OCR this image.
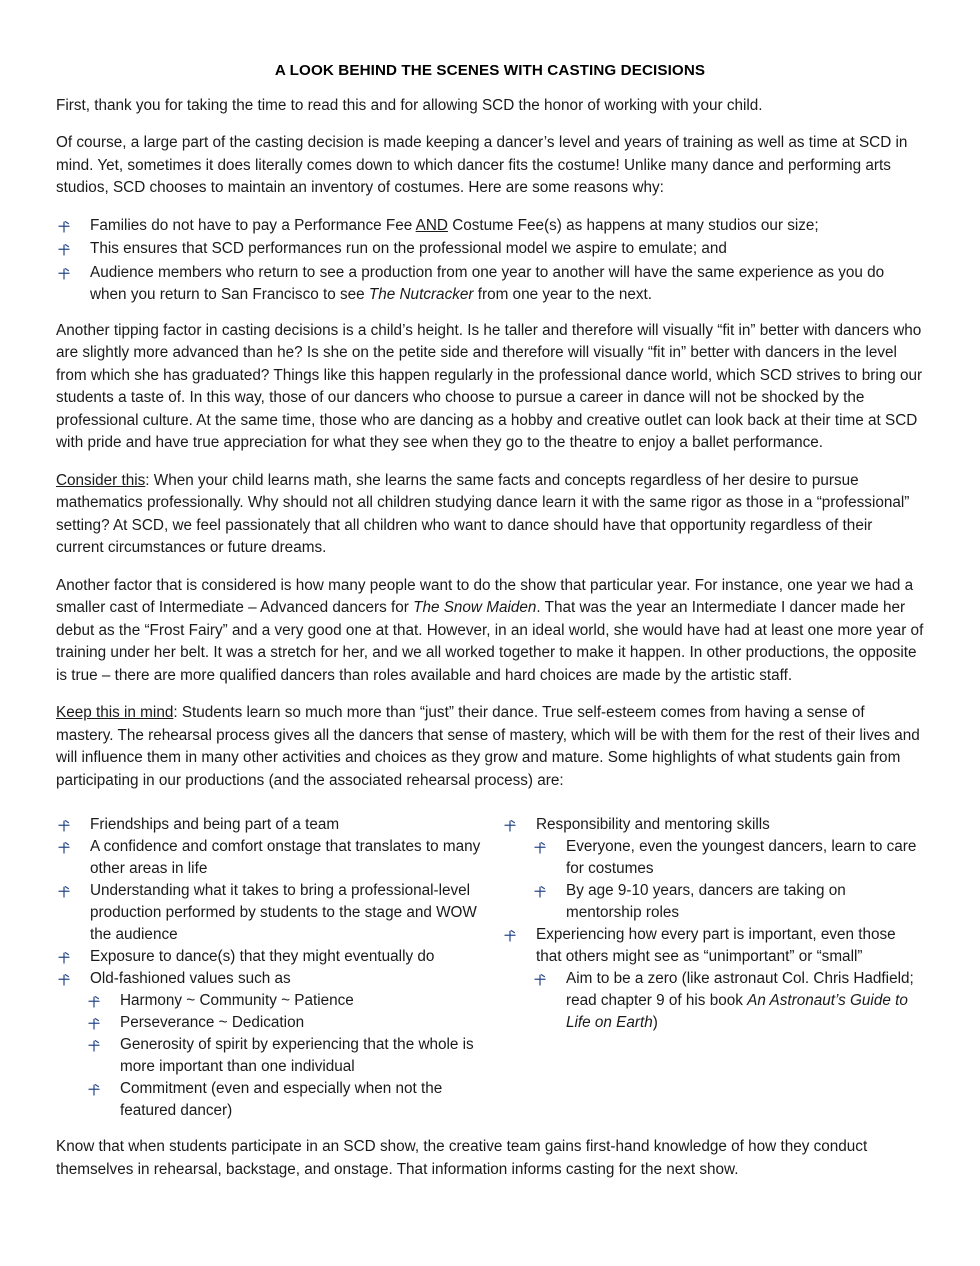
A LOOK BEHIND THE SCENES WITH CASTING DECISIONS

First, thank you for taking the time to read this and for allowing SCD the honor of working with your child.

Of course, a large part of the casting decision is made keeping a dancer’s level and years of training as well as time at SCD in mind. Yet, sometimes it does literally comes down to which dancer fits the costume! Unlike many dance and performing arts studios, SCD chooses to maintain an inventory of costumes. Here are some reasons why:

Families do not have to pay a Performance Fee AND Costume Fee(s) as happens at many studios our size;
This ensures that SCD performances run on the professional model we aspire to emulate; and
Audience members who return to see a production from one year to another will have the same experience as you do when you return to San Francisco to see The Nutcracker from one year to the next.

Another tipping factor in casting decisions is a child’s height. Is he taller and therefore will visually “fit in” better with dancers who are slightly more advanced than he? Is she on the petite side and therefore will visually “fit in” better with dancers in the level from which she has graduated? Things like this happen regularly in the professional dance world, which SCD strives to bring our students a taste of. In this way, those of our dancers who choose to pursue a career in dance will not be shocked by the professional culture. At the same time, those who are dancing as a hobby and creative outlet can look back at their time at SCD with pride and have true appreciation for what they see when they go to the theatre to enjoy a ballet performance.

Consider this: When your child learns math, she learns the same facts and concepts regardless of her desire to pursue mathematics professionally. Why should not all children studying dance learn it with the same rigor as those in a “professional” setting? At SCD, we feel passionately that all children who want to dance should have that opportunity regardless of their current circumstances or future dreams.

Another factor that is considered is how many people want to do the show that particular year. For instance, one year we had a smaller cast of Intermediate – Advanced dancers for The Snow Maiden. That was the year an Intermediate I dancer made her debut as the “Frost Fairy” and a very good one at that. However, in an ideal world, she would have had at least one more year of training under her belt. It was a stretch for her, and we all worked together to make it happen. In other productions, the opposite is true – there are more qualified dancers than roles available and hard choices are made by the artistic staff.

Keep this in mind: Students learn so much more than “just” their dance. True self-esteem comes from having a sense of mastery. The rehearsal process gives all the dancers that sense of mastery, which will be with them for the rest of their lives and will influence them in many other activities and choices as they grow and mature. Some highlights of what students gain from participating in our productions (and the associated rehearsal process) are:

Friendships and being part of a team
A confidence and comfort onstage that translates to many other areas in life
Understanding what it takes to bring a professional-level production performed by students to the stage and WOW the audience
Exposure to dance(s) that they might eventually do
Old-fashioned values such as
Harmony ~ Community ~ Patience
Perseverance ~ Dedication
Generosity of spirit by experiencing that the whole is more important than one individual
Commitment (even and especially when not the featured dancer)
Responsibility and mentoring skills
Everyone, even the youngest dancers, learn to care for costumes
By age 9-10 years, dancers are taking on mentorship roles
Experiencing how every part is important, even those that others might see as “unimportant” or “small”
Aim to be a zero (like astronaut Col. Chris Hadfield; read chapter 9 of his book An Astronaut’s Guide to Life on Earth)

Know that when students participate in an SCD show, the creative team gains first-hand knowledge of how they conduct themselves in rehearsal, backstage, and onstage. That information informs casting for the next show.
